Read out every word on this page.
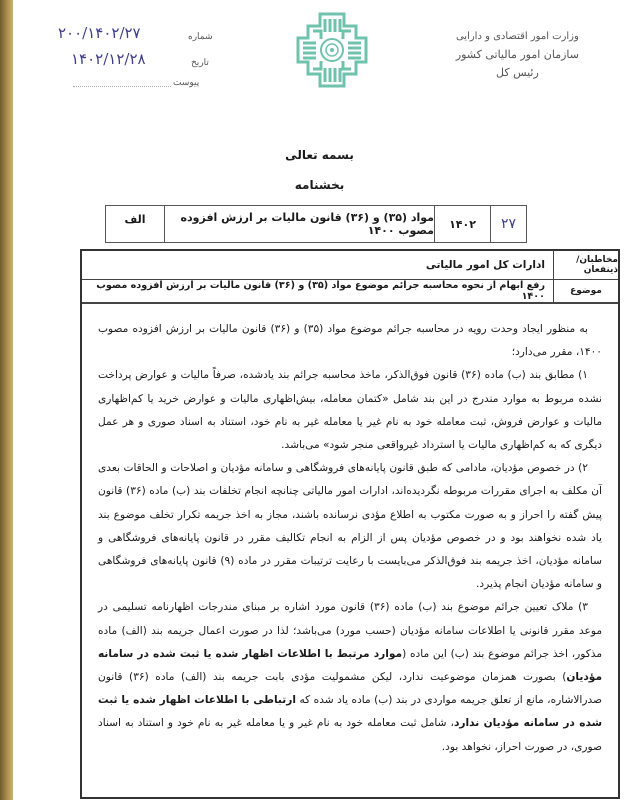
شماره
۲۰۰/۱۴۰۲/۲۷
تاریخ
۱۴۰۲/۱۲/۲۸
پیوست
وزارت امور اقتصادی و دارایی
سازمان امور مالیاتی کشور
رئیس کل
بسمه تعالی
بخشنامه
۲۷
۱۴۰۲
مواد (۳۵) و (۳۶) قانون مالیات بر ارزش افزوده مصوب ۱۴۰۰
الف
مخاطبان/ذینفعان
ادارات کل امور مالیاتی
موضوع
رفع ابهام از نحوه محاسبه جرائم موضوع مواد (۳۵) و (۳۶) قانون مالیات بر ارزش افزوده مصوب ۱۴۰۰

به منظور ایجاد وحدت رویه در محاسبه جرائم موضوع مواد (۳۵) و (۳۶) قانون مالیات بر ارزش افزوده مصوب ۱۴۰۰، مقرر می‌دارد؛

۱) مطابق بند (ب) ماده (۳۶) قانون فوق‌الذکر، ماخذ محاسبه جرائم بند یادشده، صرفاً مالیات و عوارض پرداخت نشده مربوط به موارد مندرج در این بند شامل «کتمان معامله، بیش‌اظهاری مالیات و عوارض خرید یا کم‌اظهاری مالیات و عوارض فروش، ثبت معامله خود به نام غیر یا معامله غیر به نام خود، استناد به اسناد صوری و هر عمل دیگری که به کم‌اظهاری مالیات یا استرداد غیرواقعی منجر شود» می‌باشد.

۲) در خصوص مؤدیان، مادامی که طبق قانون پایانه‌های فروشگاهی و سامانه مؤدیان و اصلاحات و الحاقات بعدی آن مکلف به اجرای مقررات مربوطه نگردیده‌اند، ادارات امور مالیاتی چنانچه انجام تخلفات بند (ب) ماده (۳۶) قانون پیش گفته را احراز و به صورت مکتوب به اطلاع مؤدی نرسانده باشند، مجاز به اخذ جریمه تکرار تخلف موضوع بند یاد شده نخواهند بود و در خصوص مؤدیان پس از الزام به انجام تکالیف مقرر در قانون پایانه‌های فروشگاهی و سامانه مؤدیان، اخذ جریمه بند فوق‌الذکر می‌بایست با رعایت ترتیبات مقرر در ماده (۹) قانون پایانه‌های فروشگاهی و سامانه مؤدیان انجام پذیرد.

۳) ملاک تعیین جرائم موضوع بند (ب) ماده (۳۶) قانون مورد اشاره بر مبنای مندرجات اظهارنامه تسلیمی در موعد مقرر قانونی یا اطلاعات سامانه مؤدیان (حسب مورد) می‌باشد؛ لذا در صورت اعمال جریمه بند (الف) ماده مذکور، اخذ جرائم موضوع بند (ب) این ماده (موارد مرتبط با اطلاعات اظهار شده یا ثبت شده در سامانه مؤدیان) بصورت همزمان موضوعیت ندارد، لیکن مشمولیت مؤدی بابت جریمه بند (الف) ماده (۳۶) قانون صدرالاشاره، مانع از تعلق جریمه مواردی در بند (ب) ماده یاد شده که ارتباطی با اطلاعات اظهار شده یا ثبت شده در سامانه مؤدیان ندارد، شامل ثبت معامله خود به نام غیر و یا معامله غیر به نام خود و استناد به اسناد صوری، در صورت احراز، نخواهد بود.
